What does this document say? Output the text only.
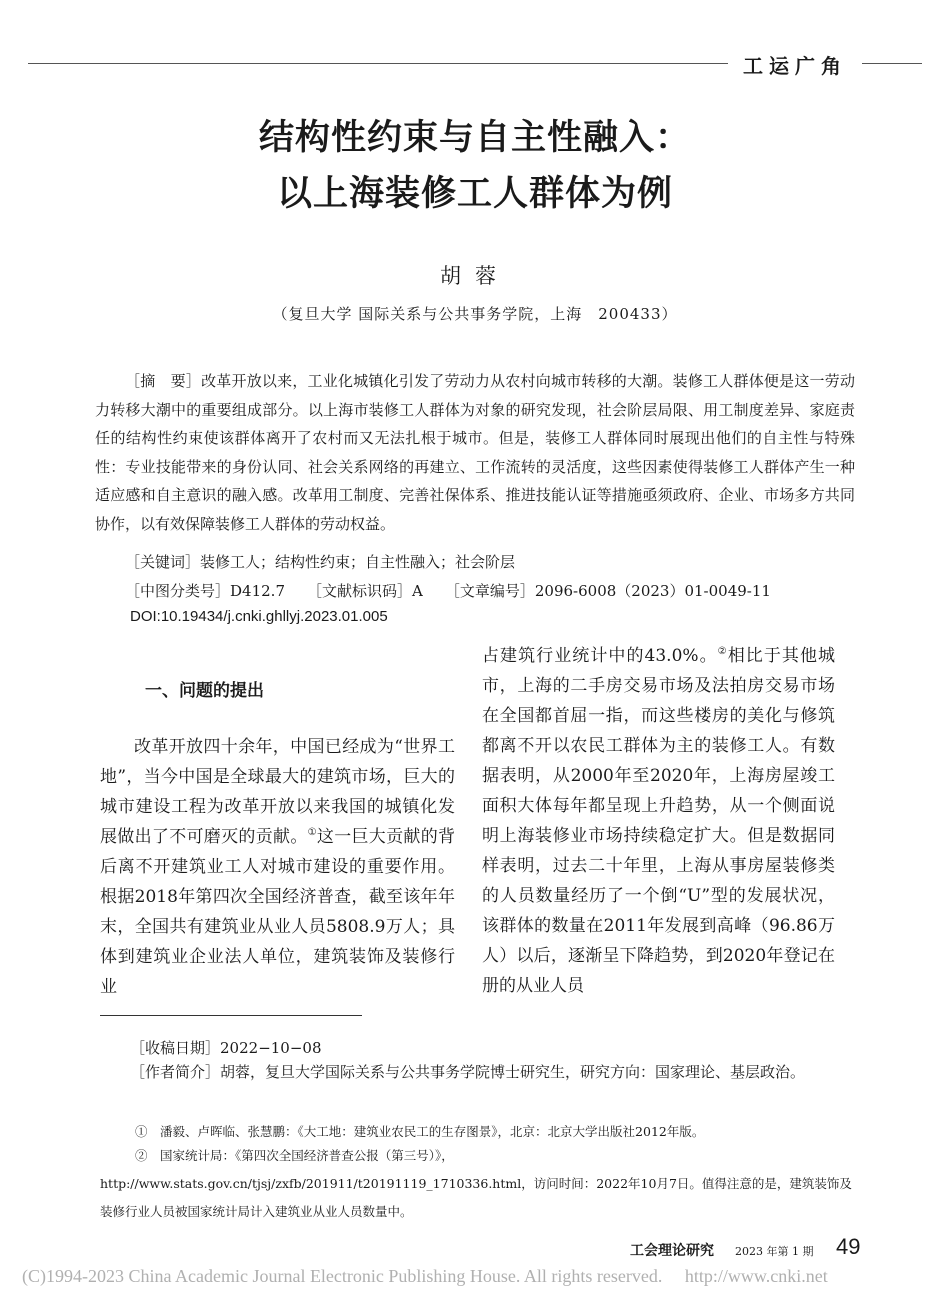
工运广角
结构性约束与自主性融入：
以上海装修工人群体为例
胡蓉
（复旦大学 国际关系与公共事务学院，上海　200433）

［摘　要］改革开放以来，工业化城镇化引发了劳动力从农村向城市转移的大潮。装修工人群体便是这一劳动力转移大潮中的重要组成部分。以上海市装修工人群体为对象的研究发现，社会阶层局限、用工制度差异、家庭责任的结构性约束使该群体离开了农村而又无法扎根于城市。但是，装修工人群体同时展现出他们的自主性与特殊性：专业技能带来的身份认同、社会关系网络的再建立、工作流转的灵活度，这些因素使得装修工人群体产生一种适应感和自主意识的融入感。改革用工制度、完善社保体系、推进技能认证等措施亟须政府、企业、市场多方共同协作，以有效保障装修工人群体的劳动权益。

［关键词］装修工人；结构性约束；自主性融入；社会阶层
［中图分类号］D412.7 ［文献标识码］A ［文章编号］2096-6008（2023）01-0049-11
DOI:10.19434/j.cnki.ghllyj.2023.01.005
一、问题的提出

改革开放四十余年，中国已经成为“世界工地”，当今中国是全球最大的建筑市场，巨大的城市建设工程为改革开放以来我国的城镇化发展做出了不可磨灭的贡献。①这一巨大贡献的背后离不开建筑业工人对城市建设的重要作用。根据2018年第四次全国经济普查，截至该年年末，全国共有建筑业从业人员5808.9万人；具体到建筑业企业法人单位，建筑装饰及装修行业

占建筑行业统计中的43.0%。②相比于其他城市，上海的二手房交易市场及法拍房交易市场在全国都首屈一指，而这些楼房的美化与修筑都离不开以农民工群体为主的装修工人。有数据表明，从2000年至2020年，上海房屋竣工面积大体每年都呈现上升趋势，从一个侧面说明上海装修业市场持续稳定扩大。但是数据同样表明，过去二十年里，上海从事房屋装修类的人员数量经历了一个倒“U”型的发展状况，该群体的数量在2011年发展到高峰（96.86万人）以后，逐渐呈下降趋势，到2020年登记在册的从业人员

［收稿日期］2022−10−08

［作者简介］胡蓉，复旦大学国际关系与公共事务学院博士研究生，研究方向：国家理论、基层政治。

①　 潘毅、卢晖临、张慧鹏：《大工地：建筑业农民工的生存图景》，北京：北京大学出版社2012年版。

②　 国家统计局：《第四次全国经济普查公报（第三号）》，http://www.stats.gov.cn/tjsj/zxfb/201911/t20191119_1710336.html，访问时间：2022年10月7日。值得注意的是，建筑装饰及装修行业人员被国家统计局计入建筑业从业人员数量中。

工会理论研究 2023 年第 1 期 49
(C)1994-2023 China Academic Journal Electronic Publishing House. All rights reserved.　 http://www.cnki.net
